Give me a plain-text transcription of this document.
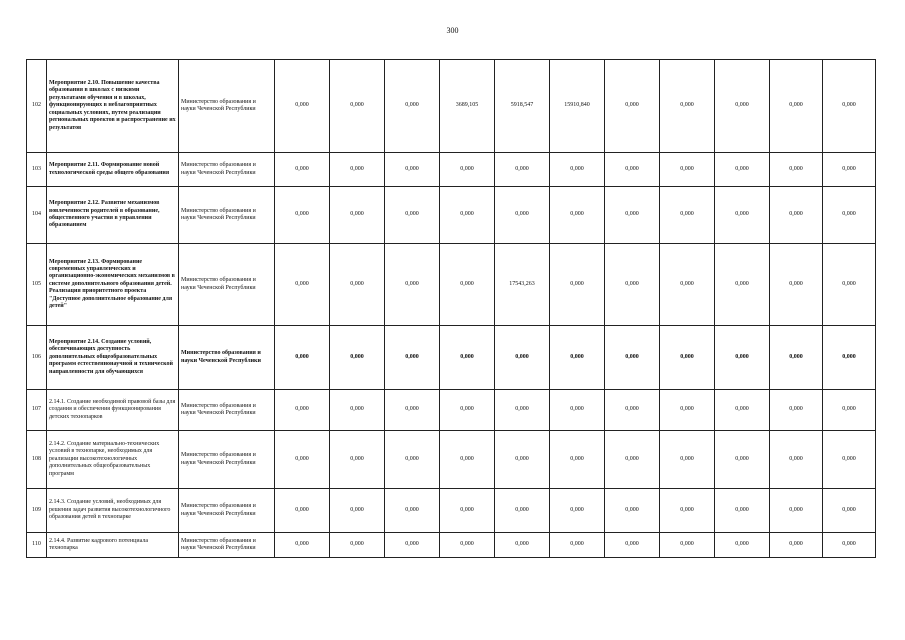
300
102	Мероприятие 2.10. Повышение качества образования в школах с низкими результатами обучения и в школах, функционирующих в неблагоприятных социальных условиях, путем реализации региональных проектов и распространение их результатов	Министерство образования и науки Чеченской Республики	0,000	0,000	0,000	3689,105	5918,547	15910,840	0,000	0,000	0,000	0,000	0,000
103	Мероприятие 2.11. Формирование новой технологической среды общего образования	Министерство образования и науки Чеченской Республики	0,000	0,000	0,000	0,000	0,000	0,000	0,000	0,000	0,000	0,000	0,000
104	Мероприятие 2.12. Развитие механизмов вовлеченности родителей в образование, общественного участия в управлении образованием	Министерство образования и науки Чеченской Республики	0,000	0,000	0,000	0,000	0,000	0,000	0,000	0,000	0,000	0,000	0,000
105	Мероприятие 2.13. Формирование современных управленческих и организационно-экономических механизмов в системе дополнительного образования детей. Реализация приоритетного проекта "Доступное дополнительное образование для детей"	Министерство образования и науки Чеченской Республики	0,000	0,000	0,000	0,000	17543,263	0,000	0,000	0,000	0,000	0,000	0,000
106	Мероприятие 2.14. Создание условий, обеспечивающих доступность дополнительных общеобразовательных программ естественнонаучной и технической направленности для обучающихся	Министерство образования и науки Чеченской Республики	0,000	0,000	0,000	0,000	0,000	0,000	0,000	0,000	0,000	0,000	0,000
107	2.14.1. Создание необходимой правовой базы для создания и обеспечения функционирования детских технопарков	Министерство образования и науки Чеченской Республики	0,000	0,000	0,000	0,000	0,000	0,000	0,000	0,000	0,000	0,000	0,000
108	2.14.2. Создание материально-технических условий в технопарке, необходимых для реализации высокотехнологичных дополнительных общеобразовательных программ	Министерство образования и науки Чеченской Республики	0,000	0,000	0,000	0,000	0,000	0,000	0,000	0,000	0,000	0,000	0,000
109	2.14.3. Создание условий, необходимых для решения задач развития высокотехнологичного образования детей в технопарке	Министерство образования и науки Чеченской Республики	0,000	0,000	0,000	0,000	0,000	0,000	0,000	0,000	0,000	0,000	0,000
110	2.14.4. Развитие кадрового потенциала технопарка	Министерство образования и науки Чеченской Республики	0,000	0,000	0,000	0,000	0,000	0,000	0,000	0,000	0,000	0,000	0,000
